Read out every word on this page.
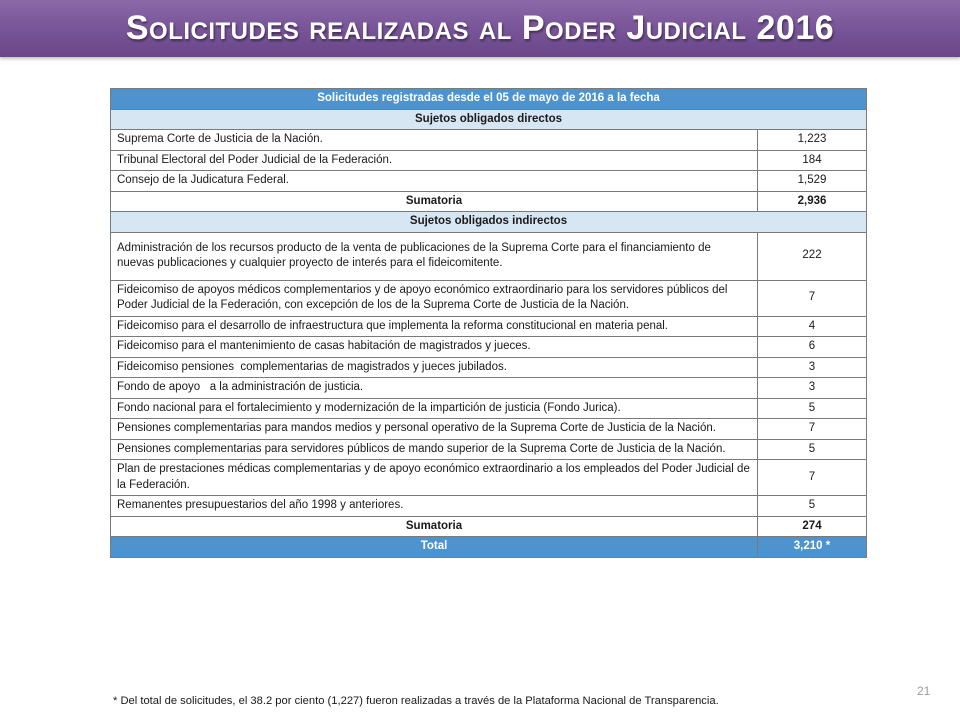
Solicitudes realizadas al Poder Judicial 2016
Solicitudes registradas desde el 05 de mayo de 2016 a la fecha	
Sujetos obligados directos	
Suprema Corte de Justicia de la Nación.	1,223
Tribunal Electoral del Poder Judicial de la Federación.	184
Consejo de la Judicatura Federal.	1,529
Sumatoria	2,936
Sujetos obligados indirectos	
Administración de los recursos producto de la venta de publicaciones de la Suprema Corte para el financiamiento de nuevas publicaciones y cualquier proyecto de interés para el fideicomitente.	222
Fideicomiso de apoyos médicos complementarios y de apoyo económico extraordinario para los servidores públicos del Poder Judicial de la Federación, con excepción de los de la Suprema Corte de Justicia de la Nación.	7
Fideicomiso para el desarrollo de infraestructura que implementa la reforma constitucional en materia penal.	4
Fideicomiso para el mantenimiento de casas habitación de magistrados y jueces.	6
Fideicomiso pensiones  complementarias de magistrados y jueces jubilados.	3
Fondo de apoyo   a la administración de justicia.	3
Fondo nacional para el fortalecimiento y modernización de la impartición de justicia (Fondo Jurica).	5
Pensiones complementarias para mandos medios y personal operativo de la Suprema Corte de Justicia de la Nación.	7
Pensiones complementarias para servidores públicos de mando superior de la Suprema Corte de Justicia de la Nación.	5
Plan de prestaciones médicas complementarias y de apoyo económico extraordinario a los empleados del Poder Judicial de la Federación.	7
Remanentes presupuestarios del año 1998 y anteriores.	5
Sumatoria	274
Total	3,210 *
21
* Del total de solicitudes, el 38.2 por ciento (1,227) fueron realizadas a través de la Plataforma Nacional de Transparencia.
